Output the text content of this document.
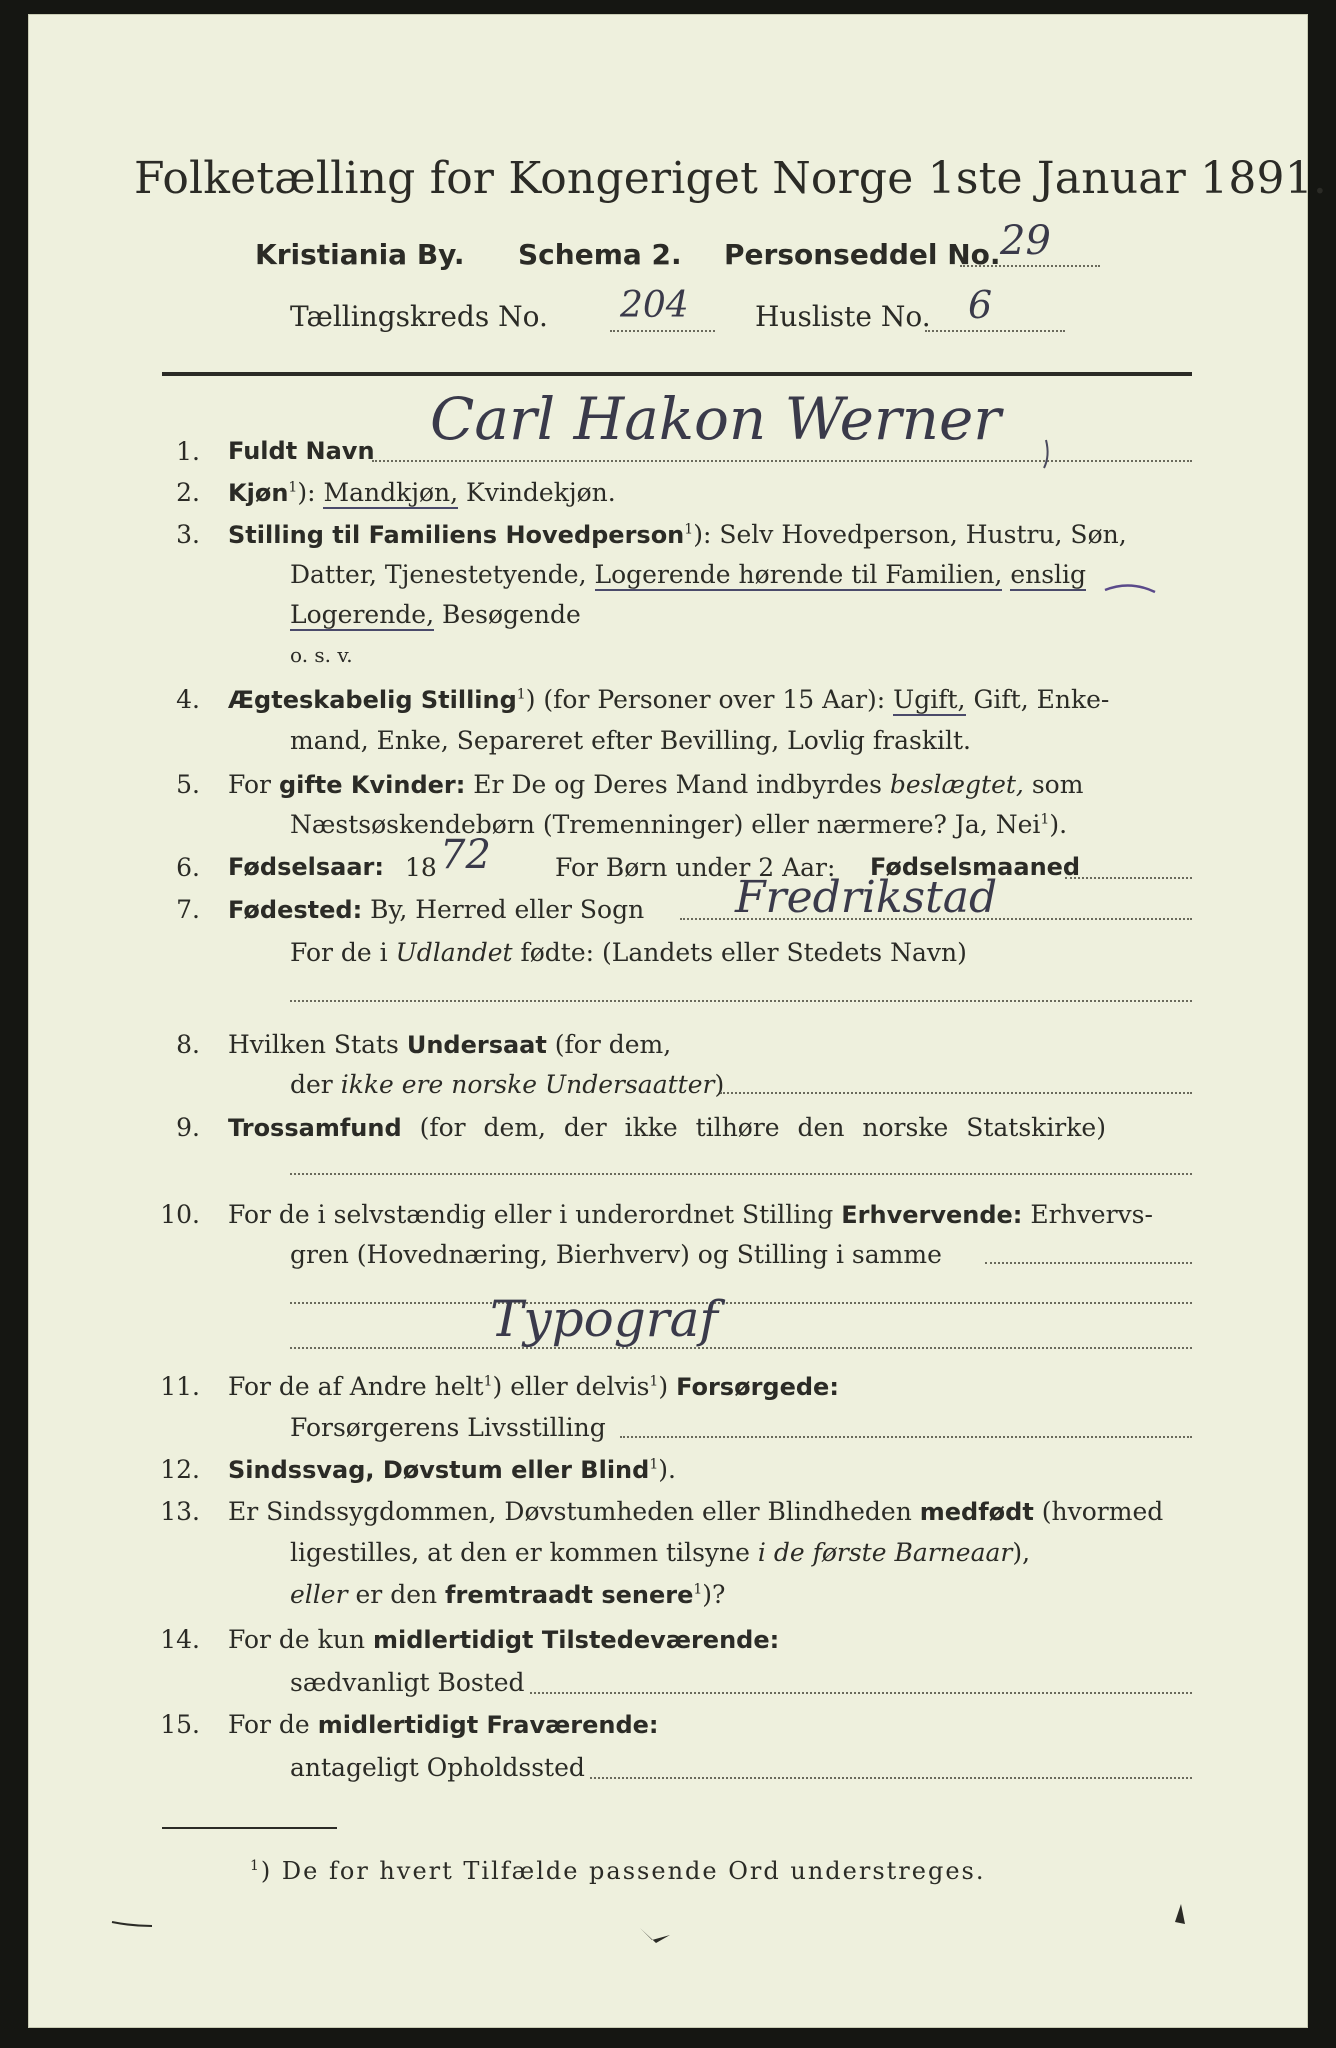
Folketælling for Kongeriget Norge 1ste Januar 1891.
Kristiania By. Schema 2. Personseddel No. 29
Tællingskreds No. 204 Husliste No. 6
1. Fuldt Navn Carl Hakon Werner
2. Kjøn$^1$): Mandkjøn, Kvindekjøn.
3. Stilling til Familiens Hovedperson$^1$): Selv Hovedperson, Hustru, Søn,
Datter, Tjenestetyende, Logerende hørende til Familien, enslig
Logerende, Besøgende
o. s. v.
4. Ægteskabelig Stilling$^1$) (for Personer over 15 Aar): Ugift, Gift, Enke-
mand, Enke, Separeret efter Bevilling, Lovlig fraskilt.
5. For gifte Kvinder: Er De og Deres Mand indbyrdes beslægtet, som
Næstsøskendebørn (Tremenninger) eller nærmere? Ja, Nei$^1$).
6. Fødselsaar: 18 72	For Børn under 2 Aar: Fødselsmaaned
7. Fødested: By, Herred eller Sogn Fredrikstad
For de i Udlandet fødte: (Landets eller Stedets Navn)
8. Hvilken Stats Undersaat (for dem,
der ikke ere norske Undersaatter)
9. Trossamfund (for dem, der ikke tilhøre den norske Statskirke)
10. For de i selvstændig eller i underordnet Stilling Erhvervende: Erhvervs-
gren (Hovednæring, Bierhverv) og Stilling i samme
Typograf
11. For de af Andre helt$^1$) eller delvis$^1$) Forsørgede:
Forsørgerens Livsstilling
12. Sindssvag, Døvstum eller Blind$^1$).
13. Er Sindssygdommen, Døvstumheden eller Blindheden medfødt (hvormed
ligestilles, at den er kommen tilsyne i de første Barneaar),
eller er den fremtraadt senere$^1$)?
14. For de kun midlertidigt Tilstedeværende:
sædvanligt Bosted
15. For de midlertidigt Fraværende:
antageligt Opholdssted
$^1$) De for hvert Tilfælde passende Ord understreges.
